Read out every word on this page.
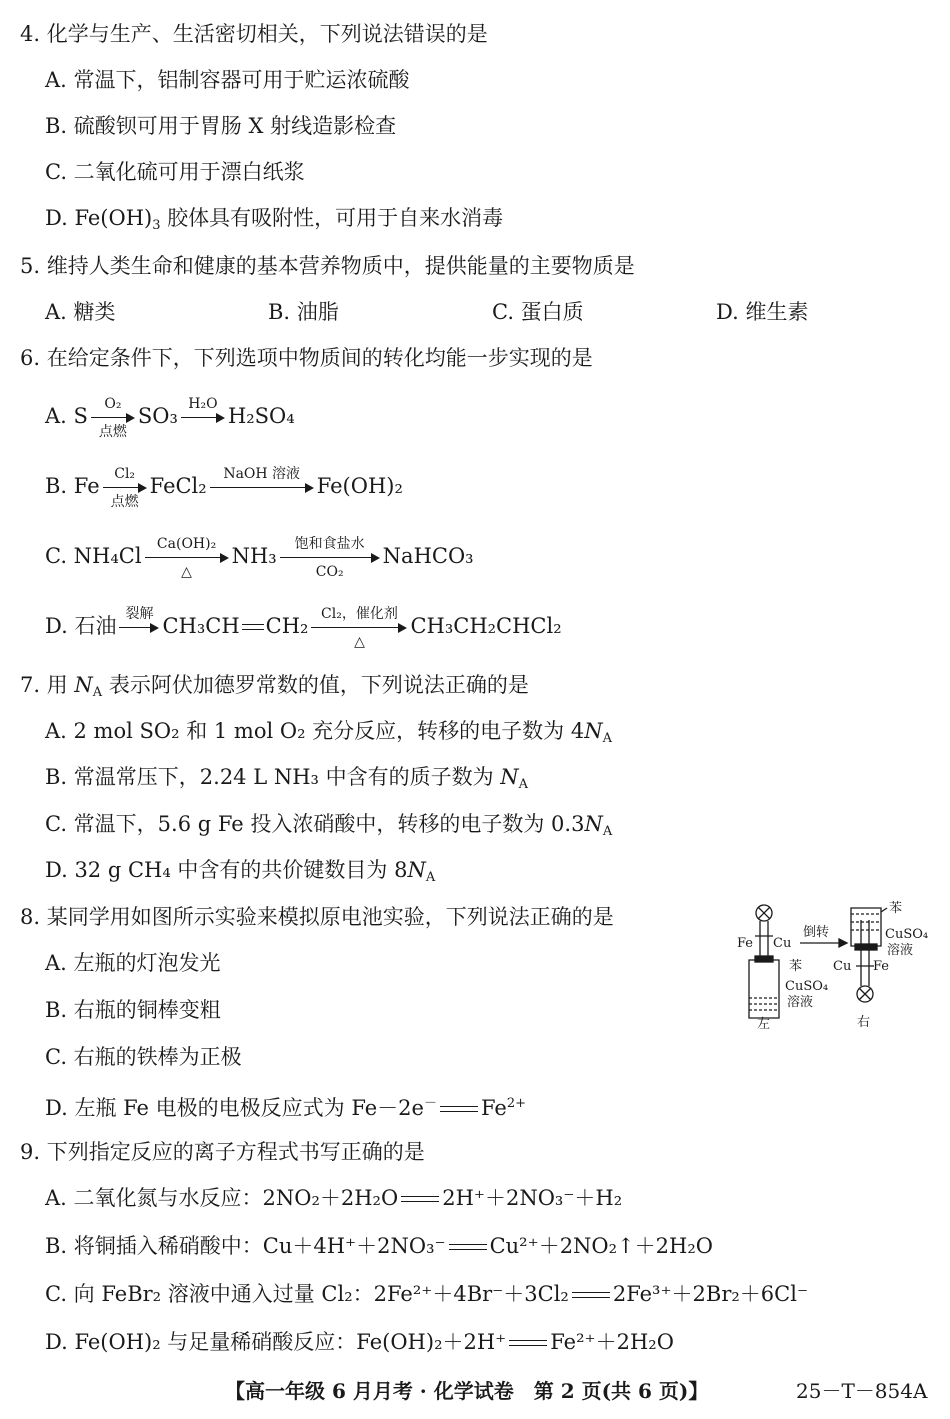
4. 化学与生产、生活密切相关，下列说法错误的是
A. 常温下，铝制容器可用于贮运浓硫酸
B. 硫酸钡可用于胃肠 X 射线造影检查
C. 二氧化硫可用于漂白纸浆
D. $Fe(OH)_3$ 胶体具有吸附性，可用于自来水消毒
5. 维持人类生命和健康的基本营养物质中，提供能量的主要物质是
A. 糖类	B. 油脂	C. 蛋白质	D. 维生素
6. 在给定条件下，下列选项中物质间的转化均能一步实现的是
A. S
O₂
点燃
SO₃
H₂O
H₂SO₄
B. Fe
Cl₂
点燃
FeCl₂
NaOH 溶液
Fe(OH)₂
C. NH₄Cl
Ca(OH)₂
△
NH₃
饱和食盐水
CO₂
NaHCO₃
D. 石油
裂解
CH₃CH CH₂
Cl₂，催化剂
△
CH₃CH₂CHCl₂
7. 用 $N_A$ 表示阿伏加德罗常数的值，下列说法正确的是
A. 2 mol SO₂ 和 1 mol O₂ 充分反应，转移的电子数为 $4N_A$
B. 常温常压下，2.24 L NH₃ 中含有的质子数为 $N_A$
C. 常温下，5.6 g Fe 投入浓硝酸中，转移的电子数为 $0.3N_A$
D. 32 g CH₄ 中含有的共价键数目为 $8N_A$
8. 某同学用如图所示实验来模拟原电池实验，下列说法正确的是
A. 左瓶的灯泡发光
B. 右瓶的铜棒变粗
C. 右瓶的铁棒为正极
D. 左瓶 Fe 电极的电极反应式为 Fe－2e－ $Fe^{2+}$
Fe Cu
苯
CuSO₄
溶液
左
倒转
苯
CuSO₄
溶液
Cu Fe
右
9. 下列指定反应的离子方程式书写正确的是
A. 二氧化氮与水反应：2NO₂＋2H₂O 2H⁺＋2NO₃⁻＋H₂
B. 将铜插入稀硝酸中：Cu＋4H⁺＋2NO₃⁻ Cu²⁺＋2NO₂↑＋2H₂O
C. 向 FeBr₂ 溶液中通入过量 Cl₂：2Fe²⁺＋4Br⁻＋3Cl₂ 2Fe³⁺＋2Br₂＋6Cl⁻
D. Fe(OH)₂ 与足量稀硝酸反应：Fe(OH)₂＋2H⁺ Fe²⁺＋2H₂O
【高一年级 6 月月考 · 化学试卷　第 2 页(共 6 页)】	25－T－854A
